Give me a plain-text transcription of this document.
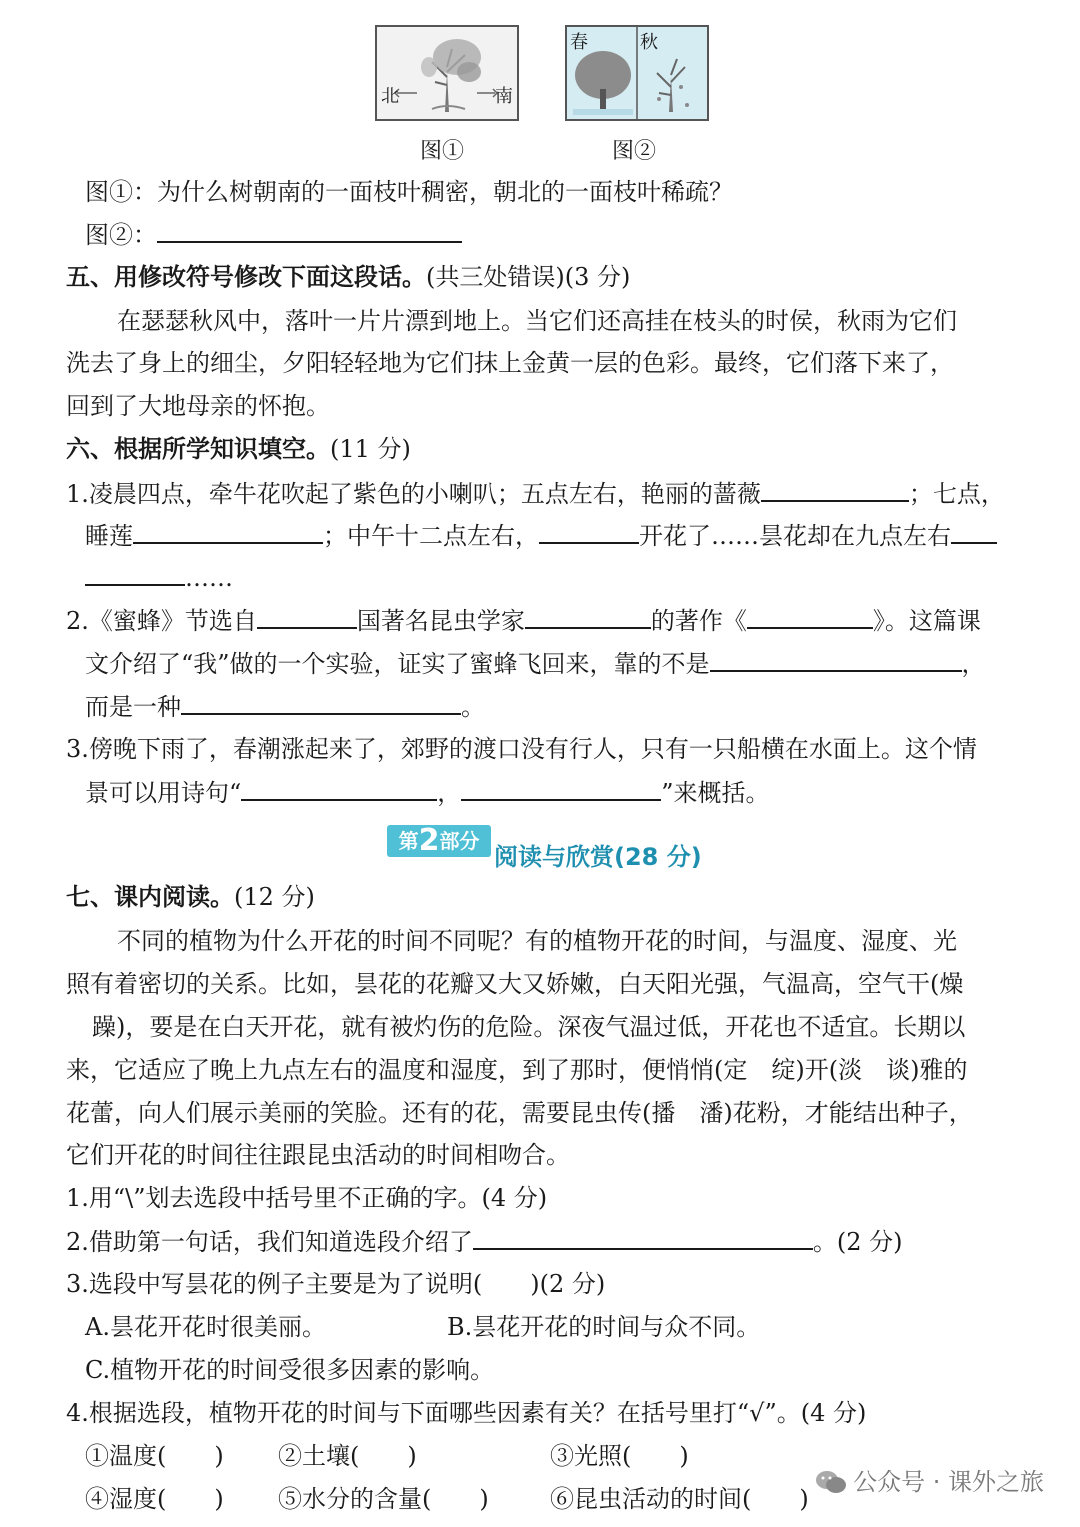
北	南
春	秋
图①	图②
图①：为什么树朝南的一面枝叶稠密，朝北的一面枝叶稀疏？
图②：
五、用修改符号修改下面这段话。(共三处错误)(3 分)
在瑟瑟秋风中，落叶一片片漂到地上。当它们还高挂在枝头的时侯，秋雨为它们
洗去了身上的细尘，夕阳轻轻地为它们抹上金黄一层的色彩。最终，它们落下来了，
回到了大地母亲的怀抱。
六、根据所学知识填空。(11 分)
1.凌晨四点，牵牛花吹起了紫色的小喇叭；五点左右，艳丽的蔷薇	；七点，
睡莲	；中午十二点左右，	开花了……昙花却在九点左右
……
2.《蜜蜂》节选自	国著名昆虫学家	的著作《	》。这篇课
文介绍了“我”做的一个实验，证实了蜜蜂飞回来，靠的不是	，
而是一种	。
3.傍晚下雨了，春潮涨起来了，郊野的渡口没有行人，只有一只船横在水面上。这个情
景可以用诗句“	，	”来概括。
第2部分
阅读与欣赏(28 分)
七、课内阅读。(12 分)
不同的植物为什么开花的时间不同呢？有的植物开花的时间，与温度、湿度、光
照有着密切的关系。比如，昙花的花瓣又大又娇嫩，白天阳光强，气温高，空气干(燥
躁)，要是在白天开花，就有被灼伤的危险。深夜气温过低，开花也不适宜。长期以
来，它适应了晚上九点左右的温度和湿度，到了那时，便悄悄(定　绽)开(淡　谈)雅的
花蕾，向人们展示美丽的笑脸。还有的花，需要昆虫传(播　潘)花粉，才能结出种子，
它们开花的时间往往跟昆虫活动的时间相吻合。
1.用“\”划去选段中括号里不正确的字。(4 分)
2.借助第一句话，我们知道选段介绍了	。(2 分)
3.选段中写昙花的例子主要是为了说明(　　)(2 分)
A.昙花开花时很美丽。	B.昙花开花的时间与众不同。
C.植物开花的时间受很多因素的影响。
4.根据选段，植物开花的时间与下面哪些因素有关？在括号里打“√”。(4 分)
①温度(　　) ②土壤(　　)	③光照(　　)
④湿度(　　) ⑤水分的含量(　　)	⑥昆虫活动的时间(　　)
公众号 · 课外之旅
